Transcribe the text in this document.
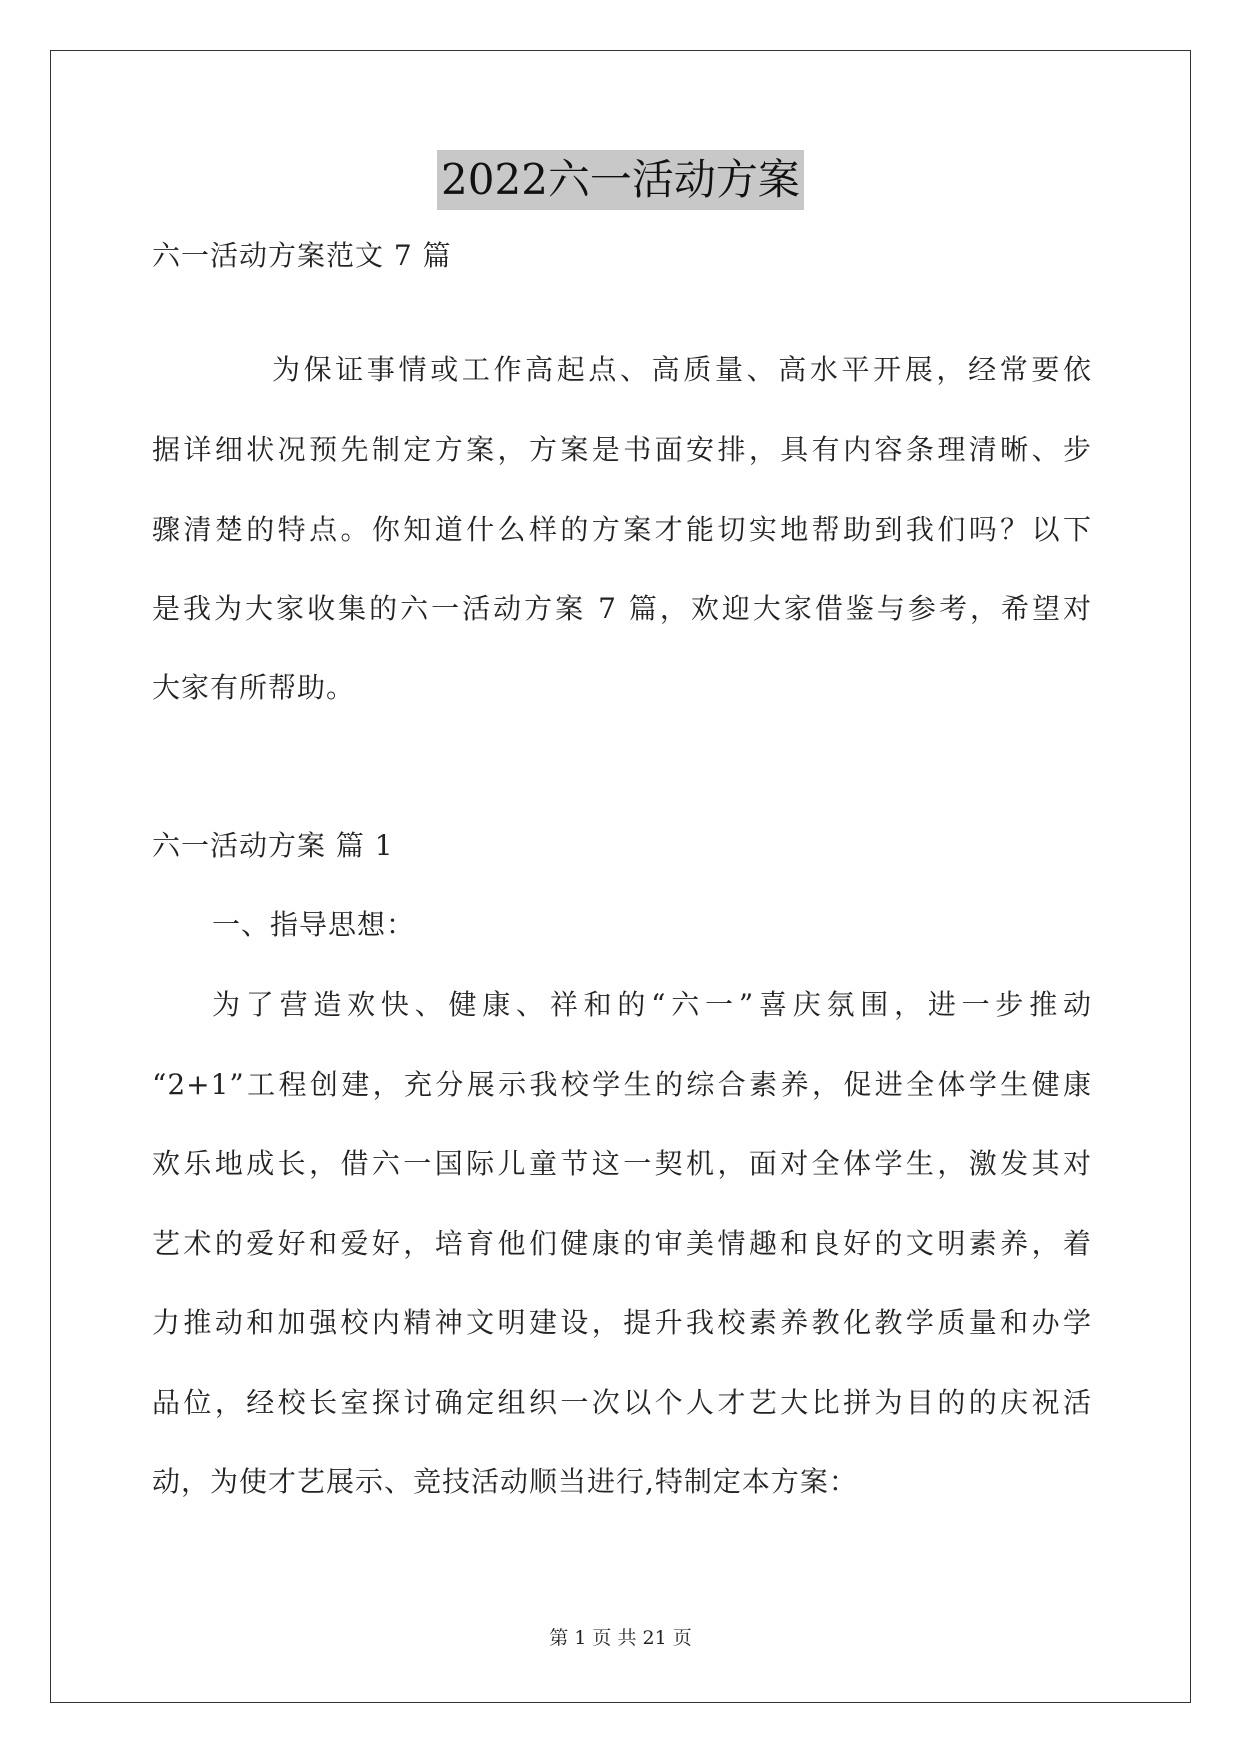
2022六一活动方案
六一活动方案范文 7 篇
为保证事情或工作高起点、高质量、高水平开展，经常要依
据详细状况预先制定方案，方案是书面安排，具有内容条理清晰、步
骤清楚的特点。你知道什么样的方案才能切实地帮助到我们吗？以下
是我为大家收集的六一活动方案 7 篇，欢迎大家借鉴与参考，希望对
大家有所帮助。
六一活动方案 篇 1
一、指导思想：
为了营造欢快、健康、祥和的“六一”喜庆氛围，进一步推动
“2+1”工程创建，充分展示我校学生的综合素养，促进全体学生健康
欢乐地成长，借六一国际儿童节这一契机，面对全体学生，激发其对
艺术的爱好和爱好，培育他们健康的审美情趣和良好的文明素养，着
力推动和加强校内精神文明建设，提升我校素养教化教学质量和办学
品位，经校长室探讨确定组织一次以个人才艺大比拼为目的的庆祝活
动，为使才艺展示、竞技活动顺当进行,特制定本方案：
第 1 页 共 21 页
